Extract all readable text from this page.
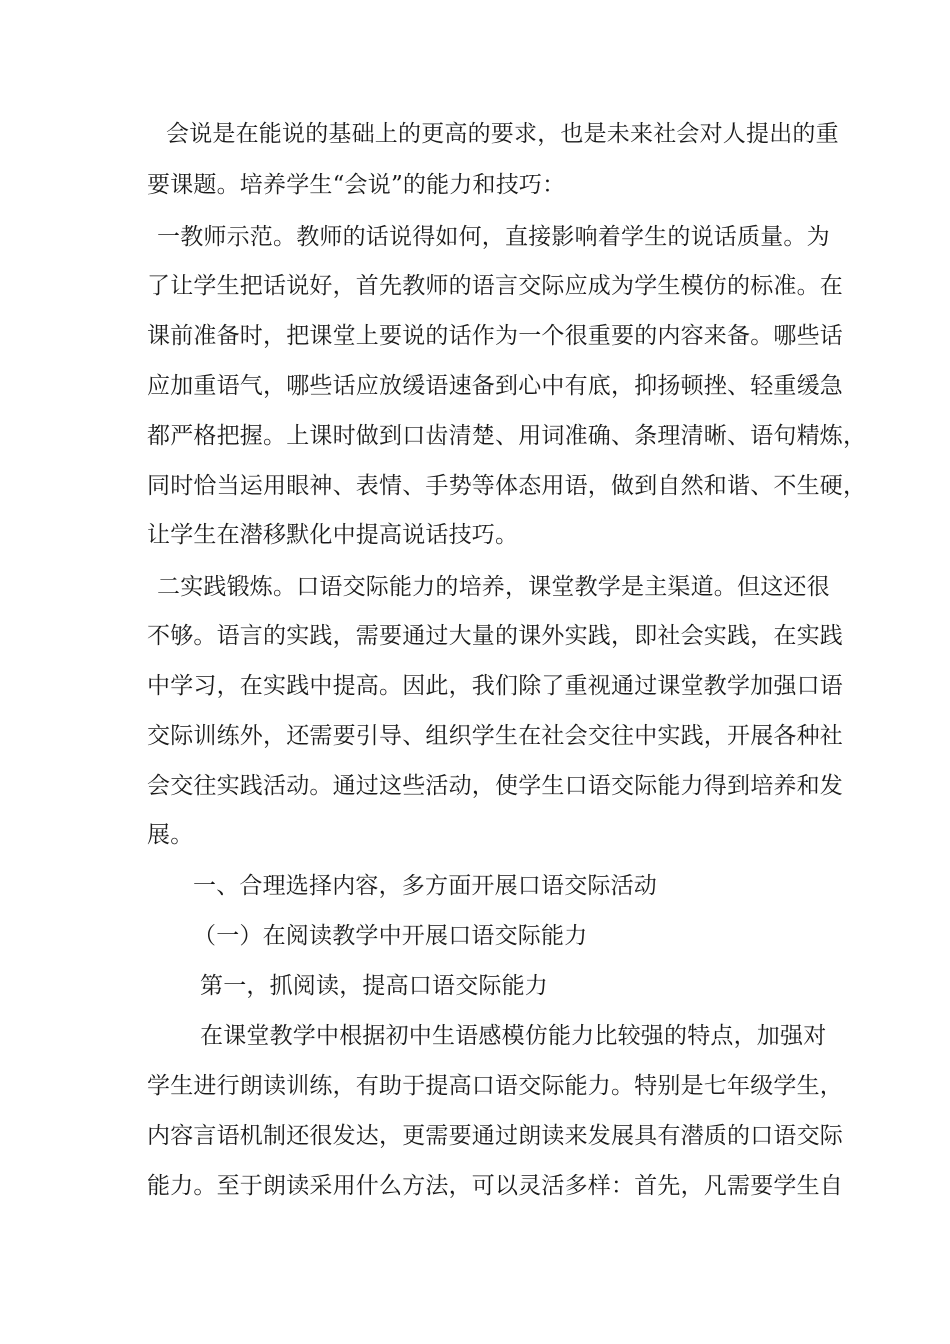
会说是在能说的基础上的更高的要求，也是未来社会对人提出的重
要课题。培养学生“会说”的能力和技巧：
一教师示范。教师的话说得如何，直接影响着学生的说话质量。为
了让学生把话说好，首先教师的语言交际应成为学生模仿的标准。在
课前准备时，把课堂上要说的话作为一个很重要的内容来备。哪些话
应加重语气，哪些话应放缓语速备到心中有底，抑扬顿挫、轻重缓急
都严格把握。上课时做到口齿清楚、用词准确、条理清晰、语句精炼，
同时恰当运用眼神、表情、手势等体态用语，做到自然和谐、不生硬，
让学生在潜移默化中提高说话技巧。
二实践锻炼。口语交际能力的培养，课堂教学是主渠道。但这还很
不够。语言的实践，需要通过大量的课外实践，即社会实践，在实践
中学习，在实践中提高。因此，我们除了重视通过课堂教学加强口语
交际训练外，还需要引导、组织学生在社会交往中实践，开展各种社
会交往实践活动。通过这些活动，使学生口语交际能力得到培养和发
展。
一、合理选择内容，多方面开展口语交际活动
（一）在阅读教学中开展口语交际能力
第一，抓阅读，提高口语交际能力
在课堂教学中根据初中生语感模仿能力比较强的特点，加强对
学生进行朗读训练，有助于提高口语交际能力。特别是七年级学生，
内容言语机制还很发达，更需要通过朗读来发展具有潜质的口语交际
能力。至于朗读采用什么方法，可以灵活多样：首先，凡需要学生自
